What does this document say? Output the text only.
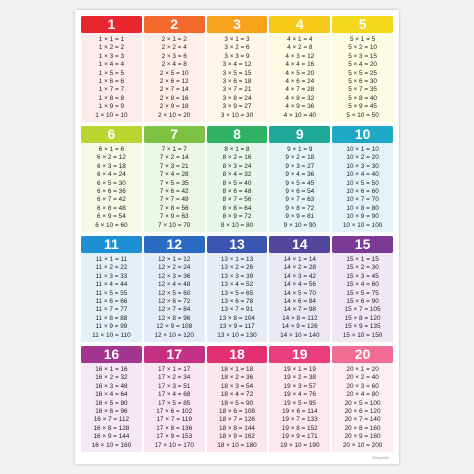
1
1 × 1 = 1
1 × 2 = 2
1 × 3 = 3
1 × 4 = 4
1 × 5 = 5
1 × 6 = 6
1 × 7 = 7
1 × 8 = 8
1 × 9 = 9
1 × 10 = 10
2
2 × 1 = 2
2 × 2 = 4
2 × 3 = 6
2 × 4 = 8
2 × 5 = 10
2 × 6 = 12
2 × 7 = 14
2 × 8 = 16
2 × 9 = 18
2 × 10 = 20
3
3 × 1 = 3
3 × 2 = 6
3 × 3 = 9
3 × 4 = 12
3 × 5 = 15
3 × 6 = 18
3 × 7 = 21
3 × 8 = 24
3 × 9 = 27
3 × 10 = 30
4
4 × 1 = 4
4 × 2 = 8
4 × 3 = 12
4 × 4 = 16
4 × 5 = 20
4 × 6 = 24
4 × 7 = 28
4 × 8 = 32
4 × 9 = 36
4 × 10 = 40
5
5 × 1 = 5
5 × 2 = 10
5 × 3 = 15
5 × 4 = 20
5 × 5 = 25
5 × 6 = 30
5 × 7 = 35
5 × 8 = 40
5 × 9 = 45
5 × 10 = 50
6
6 × 1 = 6
6 × 2 = 12
6 × 3 = 18
6 × 4 = 24
6 × 5 = 30
6 × 6 = 36
6 × 7 = 42
6 × 8 = 48
6 × 9 = 54
6 × 10 = 60
7
7 × 1 = 7
7 × 2 = 14
7 × 3 = 21
7 × 4 = 28
7 × 5 = 35
7 × 6 = 42
7 × 7 = 49
7 × 8 = 56
7 × 9 = 63
7 × 10 = 70
8
8 × 1 = 8
8 × 2 = 16
8 × 3 = 24
8 × 4 = 32
8 × 5 = 40
8 × 6 = 48
8 × 7 = 56
8 × 8 = 64
8 × 9 = 72
8 × 10 = 80
9
9 × 1 = 9
9 × 2 = 18
9 × 3 = 27
9 × 4 = 36
9 × 5 = 45
9 × 6 = 54
9 × 7 = 63
9 × 8 = 72
9 × 9 = 81
9 × 10 = 90
10
10 × 1 = 10
10 × 2 = 20
10 × 3 = 30
10 × 4 = 40
10 × 5 = 50
10 × 6 = 60
10 × 7 = 70
10 × 8 = 80
10 × 9 = 90
10 × 10 = 100
11
11 × 1 = 11
11 × 2 = 22
11 × 3 = 33
11 × 4 = 44
11 × 5 = 55
11 × 6 = 66
11 × 7 = 77
11 × 8 = 88
11 × 9 = 99
11 × 10 = 110
12
12 × 1 = 12
12 × 2 = 24
12 × 3 = 36
12 × 4 = 48
12 × 5 = 60
12 × 6 = 72
12 × 7 = 84
12 × 8 = 96
12 × 9 = 108
12 × 10 = 120
13
13 × 1 = 13
13 × 2 = 26
13 × 3 = 39
13 × 4 = 52
13 × 5 = 65
13 × 6 = 78
13 × 7 = 91
13 × 8 = 104
13 × 9 = 117
13 × 10 = 130
14
14 × 1 = 14
14 × 2 = 28
14 × 3 = 42
14 × 4 = 56
14 × 5 = 70
14 × 6 = 84
14 × 7 = 98
14 × 8 = 112
14 × 9 = 126
14 × 10 = 140
15
15 × 1 = 15
15 × 2 = 30
15 × 3 = 45
15 × 4 = 60
15 × 5 = 75
15 × 6 = 90
15 × 7 = 105
15 × 8 = 120
15 × 9 = 135
15 × 10 = 150
16
16 × 1 = 16
16 × 2 = 32
16 × 3 = 48
16 × 4 = 64
16 × 5 = 80
16 × 6 = 96
16 × 7 = 112
16 × 8 = 128
16 × 9 = 144
16 × 10 = 160
17
17 × 1 = 17
17 × 2 = 34
17 × 3 = 51
17 × 4 = 68
17 × 5 = 85
17 × 6 = 102
17 × 7 = 119
17 × 8 = 136
17 × 9 = 153
17 × 10 = 170
18
18 × 1 = 18
18 × 2 = 36
18 × 3 = 54
18 × 4 = 72
18 × 5 = 90
18 × 6 = 108
18 × 7 = 126
18 × 8 = 144
18 × 9 = 162
18 × 10 = 180
19
19 × 1 = 19
19 × 2 = 38
19 × 3 = 57
19 × 4 = 76
19 × 5 = 95
19 × 6 = 114
19 × 7 = 133
19 × 8 = 152
19 × 9 = 171
19 × 10 = 190
20
20 × 1 = 20
20 × 2 = 40
20 × 3 = 60
20 × 4 = 80
20 × 5 = 100
20 × 6 = 120
20 × 7 = 140
20 × 8 = 160
20 × 9 = 180
20 × 10 = 200
Dinophile
